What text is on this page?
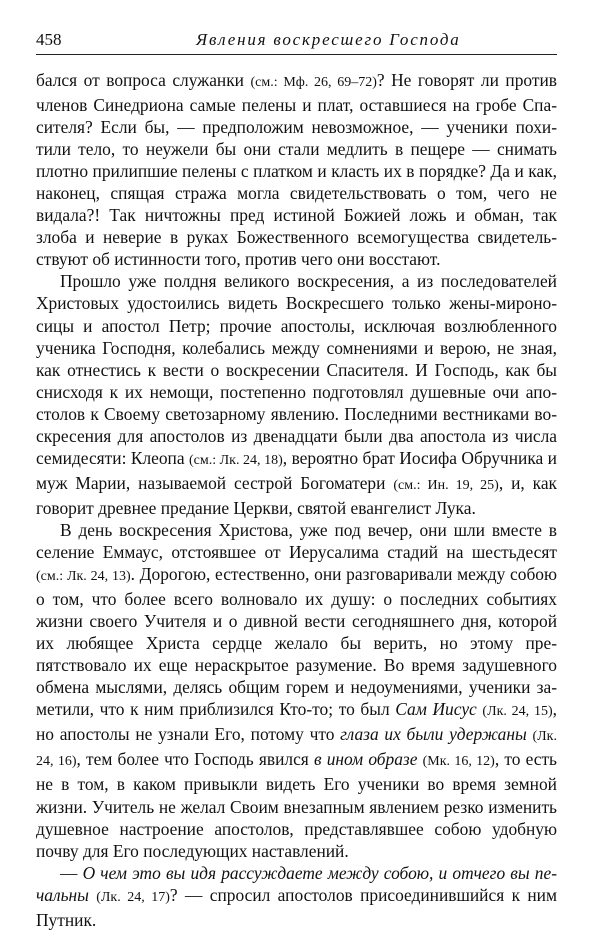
458	Явления воскресшего Господа

бался от вопроса служанки (см.: Мф. 26, 69–72)? Не говорят ли против членов Синедриона самые пелены и плат, оставшиеся на гробе Спасителя? Если бы, — предположим невозможное, — ученики похитили тело, то неужели бы они стали медлить в пещере — снимать плотно прилипшие пелены с платком и класть их в порядке? Да и как, наконец, спящая стража могла свидетельствовать о том, чего не видала?! Так ничтожны пред истиной Божией ложь и обман, так злоба и неверие в руках Божественного всемогущества свидетельствуют об истинности того, против чего они восстают.

Прошло уже полдня великого воскресения, а из последователей Христовых удостоились видеть Воскресшего только жены-мироносицы и апостол Петр; прочие апостолы, исключая возлюбленного ученика Господня, колебались между сомнениями и верою, не зная, как отнестись к вести о воскресении Спасителя. И Господь, как бы снисходя к их немощи, постепенно подготовлял душевные очи апостолов к Своему светозарному явлению. Последними вестниками воскресения для апостолов из двенадцати были два апостола из числа семидесяти: Клеопа (см.: Лк. 24, 18), вероятно брат Иосифа Обручника и муж Марии, называемой сестрой Богоматери (см.: Ин. 19, 25), и, как говорит древнее предание Церкви, святой евангелист Лука.

В день воскресения Христова, уже под вечер, они шли вместе в селение Еммаус, отстоявшее от Иерусалима стадий на шестьдесят (см.: Лк. 24, 13). Дорогою, естественно, они разговаривали между собою о том, что более всего волновало их душу: о последних событиях жизни своего Учителя и о дивной вести сегодняшнего дня, которой их любящее Христа сердце желало бы верить, но этому препятствовало их еще нераскрытое разумение. Во время задушевного обмена мыслями, делясь общим горем и недоумениями, ученики заметили, что к ним приблизился Кто-то; то был Сам Иисус (Лк. 24, 15), но апостолы не узнали Его, потому что глаза их были удержаны (Лк. 24, 16), тем более что Господь явился в ином образе (Мк. 16, 12), то есть не в том, в каком привыкли видеть Его ученики во время земной жизни. Учитель не желал Своим внезапным явлением резко изменить душевное настроение апостолов, представлявшее собою удобную почву для Его последующих наставлений.

— О чем это вы идя рассуждаете между собою, и отчего вы печальны (Лк. 24, 17)? — спросил апостолов присоединившийся к ним Путник.
